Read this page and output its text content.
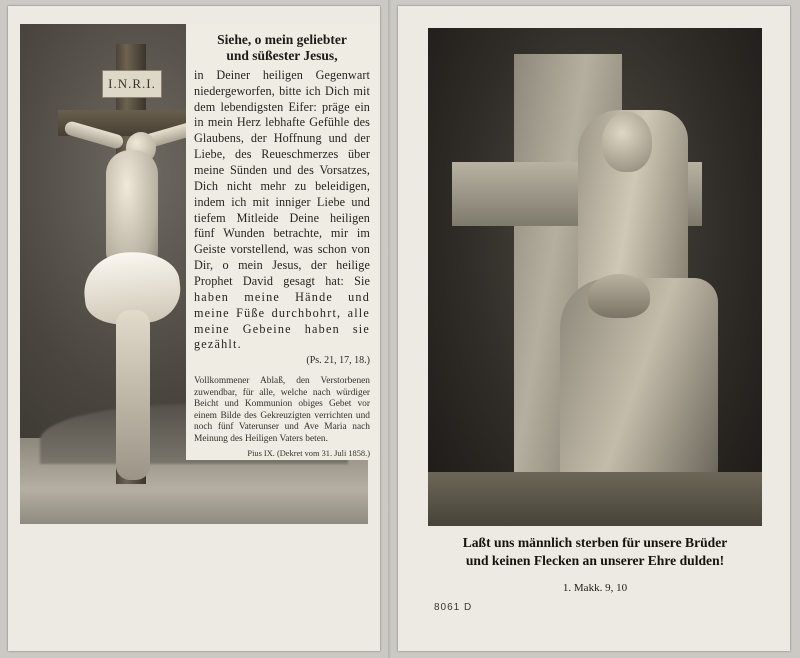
I.N.R.I.
Siehe, o mein geliebter
und süßester Jesus,
in Deiner heiligen Gegenwart niedergeworfen, bitte ich Dich mit dem lebendigsten Eifer: präge ein in mein Herz lebhafte Gefühle des Glaubens, der Hoffnung und der Liebe, des Reueschmerzes über meine Sünden und des Vorsatzes, Dich nicht mehr zu beleidigen, indem ich mit inniger Liebe und tiefem Mitleide Deine heiligen fünf Wunden betrachte, mir im Geiste vorstellend, was schon von Dir, o mein Jesus, der heilige Prophet David gesagt hat: Sie haben meine Hände und meine Füße durchbohrt, alle meine Gebeine haben sie gezählt.
(Ps. 21, 17, 18.)
Vollkommener Ablaß, den Verstorbenen zuwendbar, für alle, welche nach würdiger Beicht und Kommunion obiges Gebet vor einem Bilde des Gekreuzigten verrichten und noch fünf Vaterunser und Ave Maria nach Meinung des Heiligen Vaters beten.
Pius IX. (Dekret vom 31. Juli 1858.)
Laßt uns männlich sterben für unsere Brüder
und keinen Flecken an unserer Ehre dulden!
1. Makk. 9, 10
8061 D
